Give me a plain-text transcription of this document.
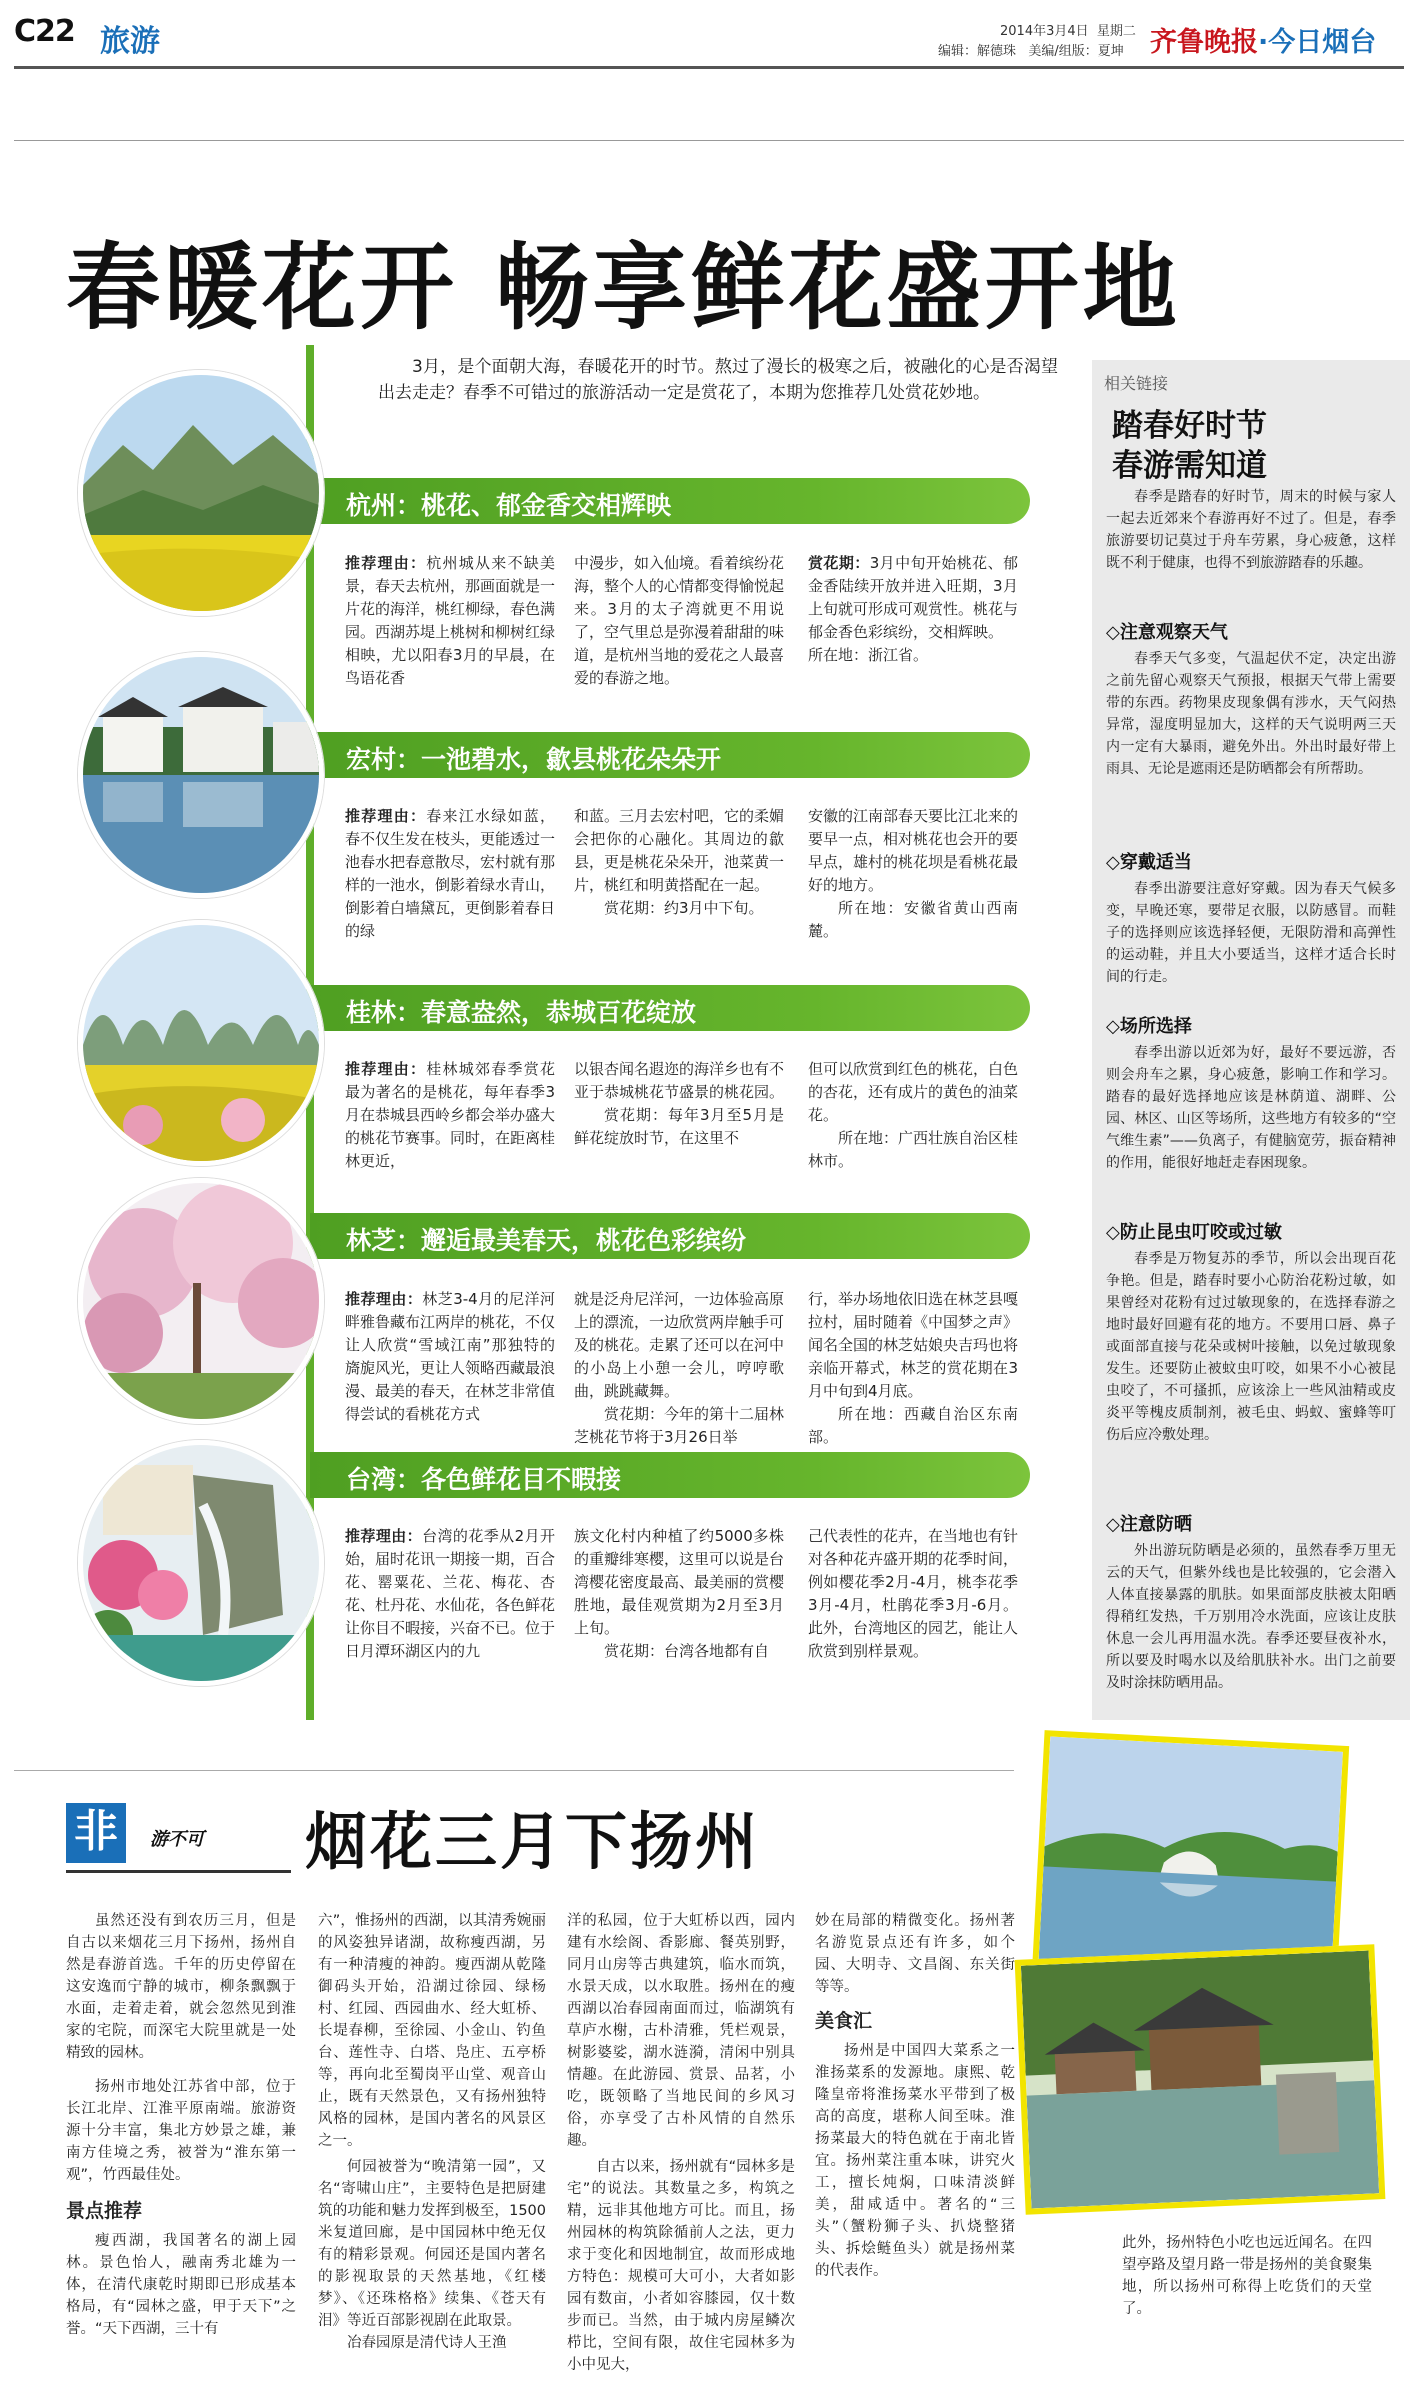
C22 旅游	2014年3月4日  星期二
编辑：解德珠   美编/组版：夏坤 齐鲁晚报·今日烟台
春暖花开 畅享鲜花盛开地
3月，是个面朝大海，春暖花开的时节。熬过了漫长的极寒之后，被融化的心是否渴望出去走走？春季不可错过的旅游活动一定是赏花了，本期为您推荐几处赏花妙地。
杭州：桃花、郁金香交相辉映
推荐理由：杭州城从来不缺美景，春天去杭州，那画面就是一片花的海洋，桃红柳绿，春色满园。西湖苏堤上桃树和柳树红绿相映，尤以阳春3月的早晨，在鸟语花香
中漫步，如入仙境。看着缤纷花海，整个人的心情都变得愉悦起来。3月的太子湾就更不用说了，空气里总是弥漫着甜甜的味道，是杭州当地的爱花之人最喜爱的春游之地。
赏花期：3月中旬开始桃花、郁金香陆续开放并进入旺期，3月上旬就可形成可观赏性。桃花与郁金香色彩缤纷，交相辉映。
所在地：浙江省。
宏村：一池碧水，歙县桃花朵朵开
推荐理由：春来江水绿如蓝，春不仅生发在枝头，更能透过一池春水把春意散尽，宏村就有那样的一池水，倒影着绿水青山，倒影着白墙黛瓦，更倒影着春日的绿
和蓝。三月去宏村吧，它的柔媚会把你的心融化。其周边的歙县，更是桃花朵朵开，池菜黄一片，桃红和明黄搭配在一起。
赏花期：约3月中下旬。
安徽的江南部春天要比江北来的要早一点，相对桃花也会开的要早点，雄村的桃花坝是看桃花最好的地方。
所在地：安徽省黄山西南麓。
桂林：春意盎然，恭城百花绽放
推荐理由：桂林城郊春季赏花最为著名的是桃花，每年春季3月在恭城县西岭乡都会举办盛大的桃花节赛事。同时，在距离桂林更近，
以银杏闻名遐迩的海洋乡也有不亚于恭城桃花节盛景的桃花园。
赏花期：每年3月至5月是鲜花绽放时节，在这里不
但可以欣赏到红色的桃花，白色的杏花，还有成片的黄色的油菜花。
所在地：广西壮族自治区桂林市。
林芝：邂逅最美春天，桃花色彩缤纷
推荐理由：林芝3-4月的尼洋河畔雅鲁藏布江两岸的桃花，不仅让人欣赏“雪域江南”那独特的旖旎风光，更让人领略西藏最浪漫、最美的春天，在林芝非常值得尝试的看桃花方式
就是泛舟尼洋河，一边体验高原上的漂流，一边欣赏两岸触手可及的桃花。走累了还可以在河中的小岛上小憩一会儿，哼哼歌曲，跳跳藏舞。
赏花期：今年的第十二届林芝桃花节将于3月26日举
行，举办场地依旧选在林芝县嘎拉村，届时随着《中国梦之声》闻名全国的林芝姑娘央吉玛也将亲临开幕式，林芝的赏花期在3月中旬到4月底。
所在地：西藏自治区东南部。
台湾：各色鲜花目不暇接
推荐理由：台湾的花季从2月开始，届时花讯一期接一期，百合花、罂粟花、兰花、梅花、杏花、杜丹花、水仙花，各色鲜花让你目不暇接，兴奋不已。位于日月潭环湖区内的九
族文化村内种植了约5000多株的重瓣绯寒樱，这里可以说是台湾樱花密度最高、最美丽的赏樱胜地，最佳观赏期为2月至3月上旬。
赏花期：台湾各地都有自
己代表性的花卉，在当地也有针对各种花卉盛开期的花季时间，例如樱花季2月-4月，桃李花季3月-4月，杜鹃花季3月-6月。此外，台湾地区的园艺，能让人欣赏到别样景观。
相关链接
踏春好时节
春游需知道
春季是踏春的好时节，周末的时候与家人一起去近郊来个春游再好不过了。但是，春季旅游要切记莫过于舟车劳累，身心疲惫，这样既不利于健康，也得不到旅游踏春的乐趣。
◇注意观察天气
春季天气多变，气温起伏不定，决定出游之前先留心观察天气预报，根据天气带上需要带的东西。药物果皮现象偶有涉水，天气闷热异常，湿度明显加大，这样的天气说明两三天内一定有大暴雨，避免外出。外出时最好带上雨具、无论是遮雨还是防晒都会有所帮助。
◇穿戴适当
春季出游要注意好穿戴。因为春天气候多变，早晚还寒，要带足衣服，以防感冒。而鞋子的选择则应该选择轻便，无限防滑和高弹性的运动鞋，并且大小要适当，这样才适合长时间的行走。
◇场所选择
春季出游以近郊为好，最好不要远游，否则会舟车之累，身心疲惫，影响工作和学习。踏春的最好选择地应该是林荫道、湖畔、公园、林区、山区等场所，这些地方有较多的“空气维生素”——负离子，有健脑宽劳，振奋精神的作用，能很好地赶走春困现象。
◇防止昆虫叮咬或过敏
春季是万物复苏的季节，所以会出现百花争艳。但是，踏春时要小心防治花粉过敏，如果曾经对花粉有过过敏现象的，在选择春游之地时最好回避有花的地方。不要用口唇、鼻子或面部直接与花朵或树叶接触，以免过敏现象发生。还要防止被蚊虫叮咬，如果不小心被昆虫咬了，不可搔抓，应该涂上一些风油精或皮炎平等槐皮质制剂，被毛虫、蚂蚁、蜜蜂等叮伤后应冷敷处理。
◇注意防晒
外出游玩防晒是必须的，虽然春季万里无云的天气，但紫外线也是比较强的，它会潜入人体直接暴露的肌肤。如果面部皮肤被太阳晒得稍红发热，千万别用冷水洗面，应该让皮肤休息一会儿再用温水洗。春季还要昼夜补水，所以要及时喝水以及给肌肤补水。出门之前要及时涂抹防晒用品。
非	游不可 烟花三月下扬州
虽然还没有到农历三月，但是自古以来烟花三月下扬州，扬州自然是春游首选。千年的历史停留在这安逸而宁静的城市，柳条飘飘于水面，走着走着，就会忽然见到淮家的宅院，而深宅大院里就是一处精致的园林。
扬州市地处江苏省中部，位于长江北岸、江淮平原南端。旅游资源十分丰富，集北方妙景之雄，兼南方佳境之秀，被誉为“淮东第一观”，竹西最佳处。
景点推荐
瘦西湖，我国著名的湖上园林。景色怡人，融南秀北雄为一体，在清代康乾时期即已形成基本格局，有“园林之盛，甲于天下”之誉。“天下西湖，三十有
六”，惟扬州的西湖，以其清秀婉丽的风姿独异诸湖，故称瘦西湖，另有一种清瘦的神韵。瘦西湖从乾隆御码头开始，沿湖过徐园、绿杨村、红园、西园曲水、经大虹桥、长堤春柳，至徐园、小金山、钓鱼台、莲性寺、白塔、凫庄、五亭桥等，再向北至蜀岗平山堂、观音山止，既有天然景色，又有扬州独特风格的园林，是国内著名的风景区之一。
何园被誉为“晚清第一园”，又名“寄啸山庄”，主要特色是把厨建筑的功能和魅力发挥到极至，1500米复道回廊，是中国园林中绝无仅有的精彩景观。何园还是国内著名的影视取景的天然基地，《红楼梦》、《还珠格格》续集、《苍天有泪》等近百部影视剧在此取景。
冶春园原是清代诗人王渔
洋的私园，位于大虹桥以西，园内建有水绘阁、香影廊、餐英别野，同月山房等古典建筑，临水而筑，水景天成，以水取胜。扬州在的瘦西湖以冶春园南面而过，临湖筑有草庐水榭，古朴清雅，凭栏观景，树影婆娑，湖水涟漪，清闲中别具情趣。在此游园、赏景、品茗，小吃，既领略了当地民间的乡风习俗，亦享受了古朴风情的自然乐趣。
自古以来，扬州就有“园林多是宅”的说法。其数量之多，构筑之精，远非其他地方可比。而且，扬州园林的构筑除循前人之法，更力求于变化和因地制宜，故而形成地方特色：规模可大可小，大者如影园有数亩，小者如容膝园，仅十数步而已。当然，由于城内房屋鳞次栉比，空间有限，故住宅园林多为小中见大，
妙在局部的精微变化。扬州著名游览景点还有许多，如个园、大明寺、文昌阁、东关街等等。
美食汇
扬州是中国四大菜系之一淮扬菜系的发源地。康熙、乾隆皇帝将淮扬菜水平带到了极高的高度，堪称人间至味。淮扬菜最大的特色就在于南北皆宜。扬州菜注重本味，讲究火工，擅长炖焖，口味清淡鲜美，甜咸适中。著名的“三头”（蟹粉狮子头、扒烧整猪头、拆烩鲢鱼头）就是扬州菜的代表作。
此外，扬州特色小吃也远近闻名。在四望亭路及望月路一带是扬州的美食聚集地，所以扬州可称得上吃货们的天堂了。
